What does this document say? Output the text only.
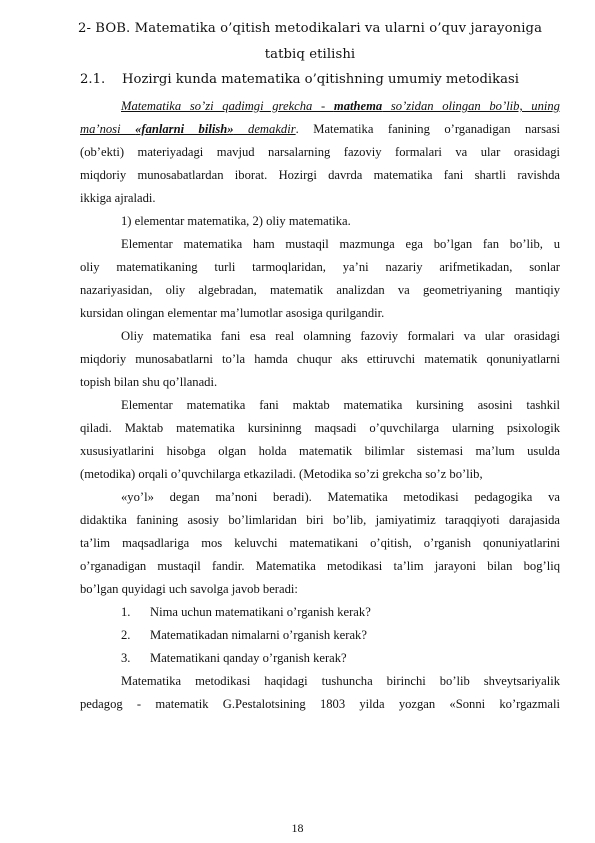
2- BOB. Matematika o’qitish metodikalari va ularni o’quv jarayoniga
tatbiq etilishi
2.1. Hozirgi kunda matematika o’qitishning umumiy metodikasi
Matematika so’zi qadimgi grekcha - mathema so’zidan olingan bo’lib, uning
ma’nosi «fanlarni bilish» demakdir. Matematika fanining o’rganadigan narsasi
(ob’ekti) materiyadagi mavjud narsalarning fazoviy formalari va ular orasidagi
miqdoriy munosabatlardan iborat. Hozirgi davrda matematika fani shartli ravishda
ikkiga ajraladi.
1) elementar matematika, 2) oliy matematika.
Elementar matematika ham mustaqil mazmunga ega bo’lgan fan bo’lib, u
oliy matematikaning turli tarmoqlaridan, ya’ni nazariy arifmetikadan, sonlar
nazariyasidan, oliy algebradan, matematik analizdan va geometriyaning mantiqiy
kursidan olingan elementar ma’lumotlar asosiga qurilgandir.
Oliy matematika fani esa real olamning fazoviy formalari va ular orasidagi
miqdoriy munosabatlarni to’la hamda chuqur aks ettiruvchi matematik qonuniyatlarni
topish bilan shu qo’llanadi.
Elementar matematika fani maktab matematika kursining asosini tashkil
qiladi. Maktab matematika kursininng maqsadi o’quvchilarga ularning psixologik
xususiyatlarini hisobga olgan holda matematik bilimlar sistemasi ma’lum usulda
(metodika) orqali o’quvchilarga etkaziladi. (Metodika so’zi grekcha so’z bo’lib,
«yo’l» degan ma’noni beradi). Matematika metodikasi pedagogika va
didaktika fanining asosiy bo’limlaridan biri bo’lib, jamiyatimiz taraqqiyoti darajasida
ta’lim maqsadlariga mos keluvchi matematikani o’qitish, o’rganish qonuniyatlarini
o’rganadigan mustaqil fandir. Matematika metodikasi ta’lim jarayoni bilan bog’liq
bo’lgan quyidagi uch savolga javob beradi:
1. Nima uchun matematikani o’rganish kerak?
2. Matematikadan nimalarni o’rganish kerak?
3. Matematikani qanday o’rganish kerak?
Matematika metodikasi haqidagi tushuncha birinchi bo’lib shveytsariyalik
pedagog - matematik G.Pestalotsining 1803 yilda yozgan «Sonni ko’rgazmali
18
